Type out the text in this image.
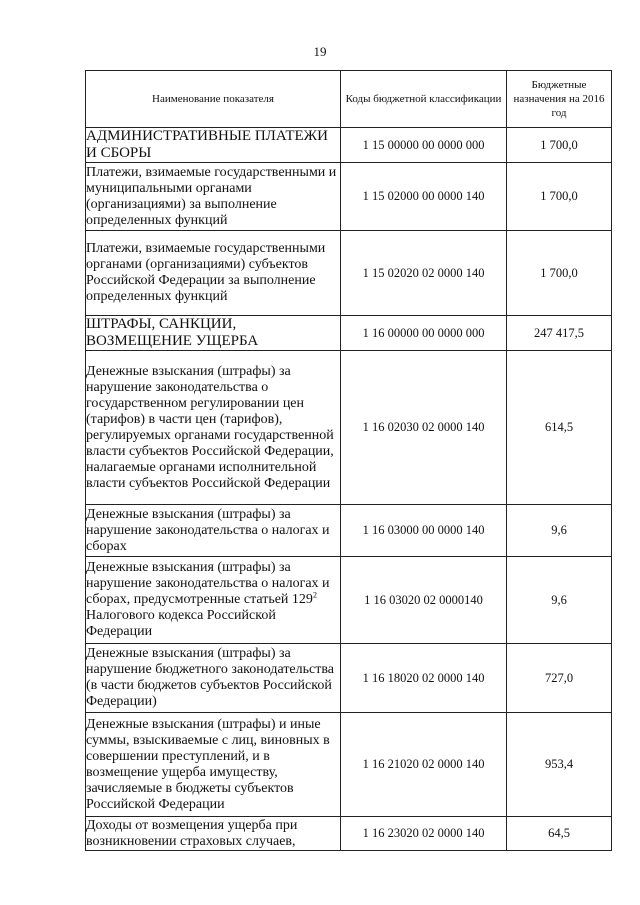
19
Наименование показателя	Коды бюджетной классификации	Бюджетные назначения на 2016 год
АДМИНИСТРАТИВНЫЕ ПЛАТЕЖИ И СБОРЫ	1 15 00000 00 0000 000	1 700,0
Платежи, взимаемые государственными и муниципальными органами (организациями) за выполнение определенных функций	1 15 02000 00 0000 140	1 700,0
Платежи, взимаемые государственными органами (организациями) субъектов Российской Федерации за выполнение определенных функций	1 15 02020 02 0000 140	1 700,0
ШТРАФЫ, САНКЦИИ, ВОЗМЕЩЕНИЕ УЩЕРБА	1 16 00000 00 0000 000	247 417,5
Денежные взыскания (штрафы) за нарушение законодательства о государственном регулировании цен (тарифов) в части цен (тарифов), регулируемых органами государственной власти субъектов Российской Федерации, налагаемые органами исполнительной власти субъектов Российской Федерации	1 16 02030 02 0000 140	614,5
Денежные взыскания (штрафы) за нарушение законодательства о налогах и сборах	1 16 03000 00 0000 140	9,6
Денежные взыскания (штрафы) за нарушение законодательства о налогах и сборах, предусмотренные статьей $129^2$ Налогового кодекса Российской Федерации	1 16 03020 02 0000140	9,6
Денежные взыскания (штрафы) за нарушение бюджетного законодательства (в части бюджетов субъектов Российской Федерации)	1 16 18020 02 0000 140	727,0
Денежные взыскания (штрафы) и иные суммы, взыскиваемые с лиц, виновных в совершении преступлений, и в возмещение ущерба имуществу, зачисляемые в бюджеты субъектов Российской Федерации	1 16 21020 02 0000 140	953,4
Доходы от возмещения ущерба при возникновении страховых случаев,	1 16 23020 02 0000 140	64,5
